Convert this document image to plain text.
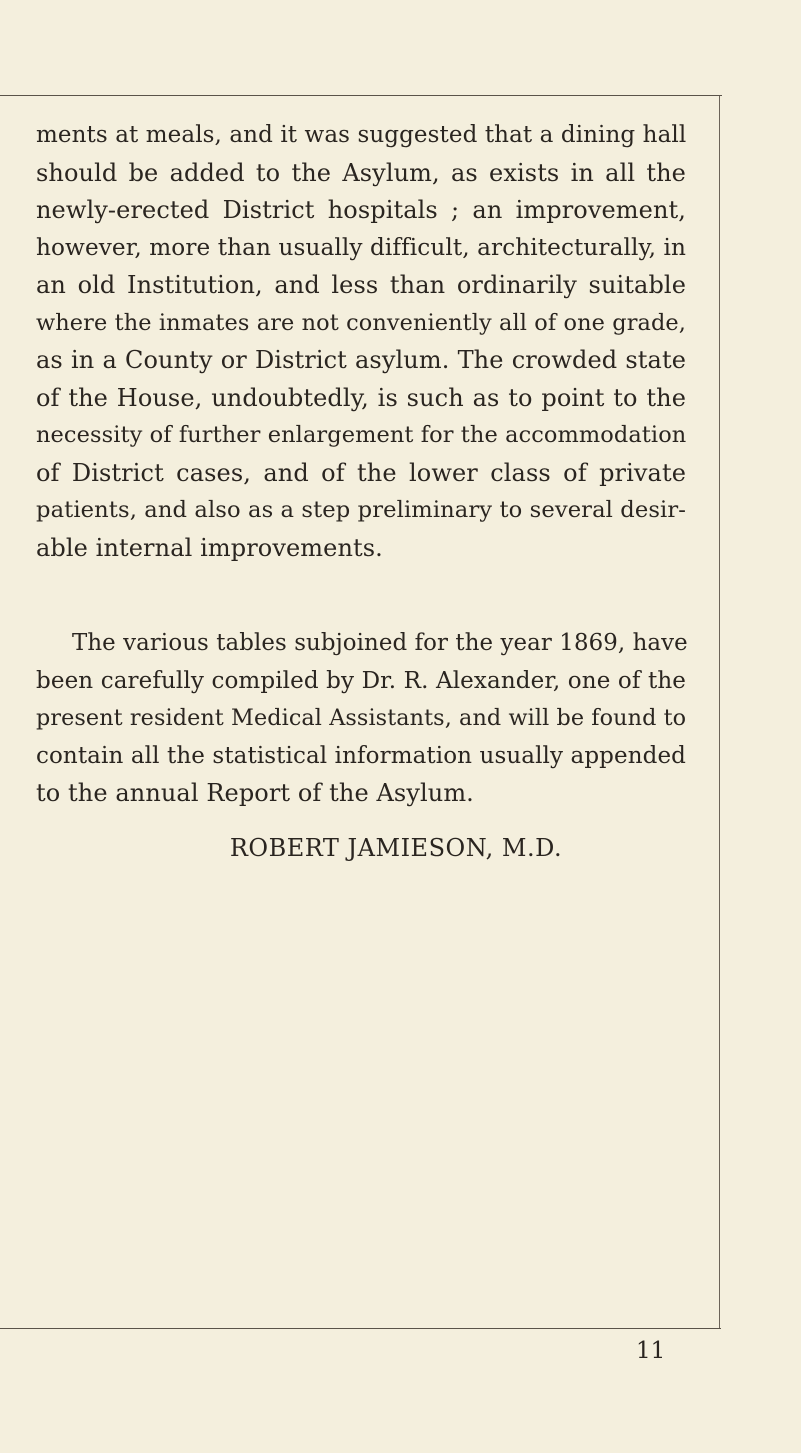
ments at meals, and it was suggested that a dining hall
should be added to the Asylum, as exists in all the
newly-erected District hospitals ; an improvement,
however, more than usually difficult, architecturally, in
an old Institution, and less than ordinarily suitable
where the inmates are not conveniently all of one grade,
as in a County or District asylum. The crowded state
of the House, undoubtedly, is such as to point to the
necessity of further enlargement for the accommodation
of District cases, and of the lower class of private
patients, and also as a step preliminary to several desir-
able internal improvements.
The various tables subjoined for the year 1869, have
been carefully compiled by Dr. R. Alexander, one of the
present resident Medical Assistants, and will be found to
contain all the statistical information usually appended
to the annual Report of the Asylum.
ROBERT JAMIESON, M.D.
11
